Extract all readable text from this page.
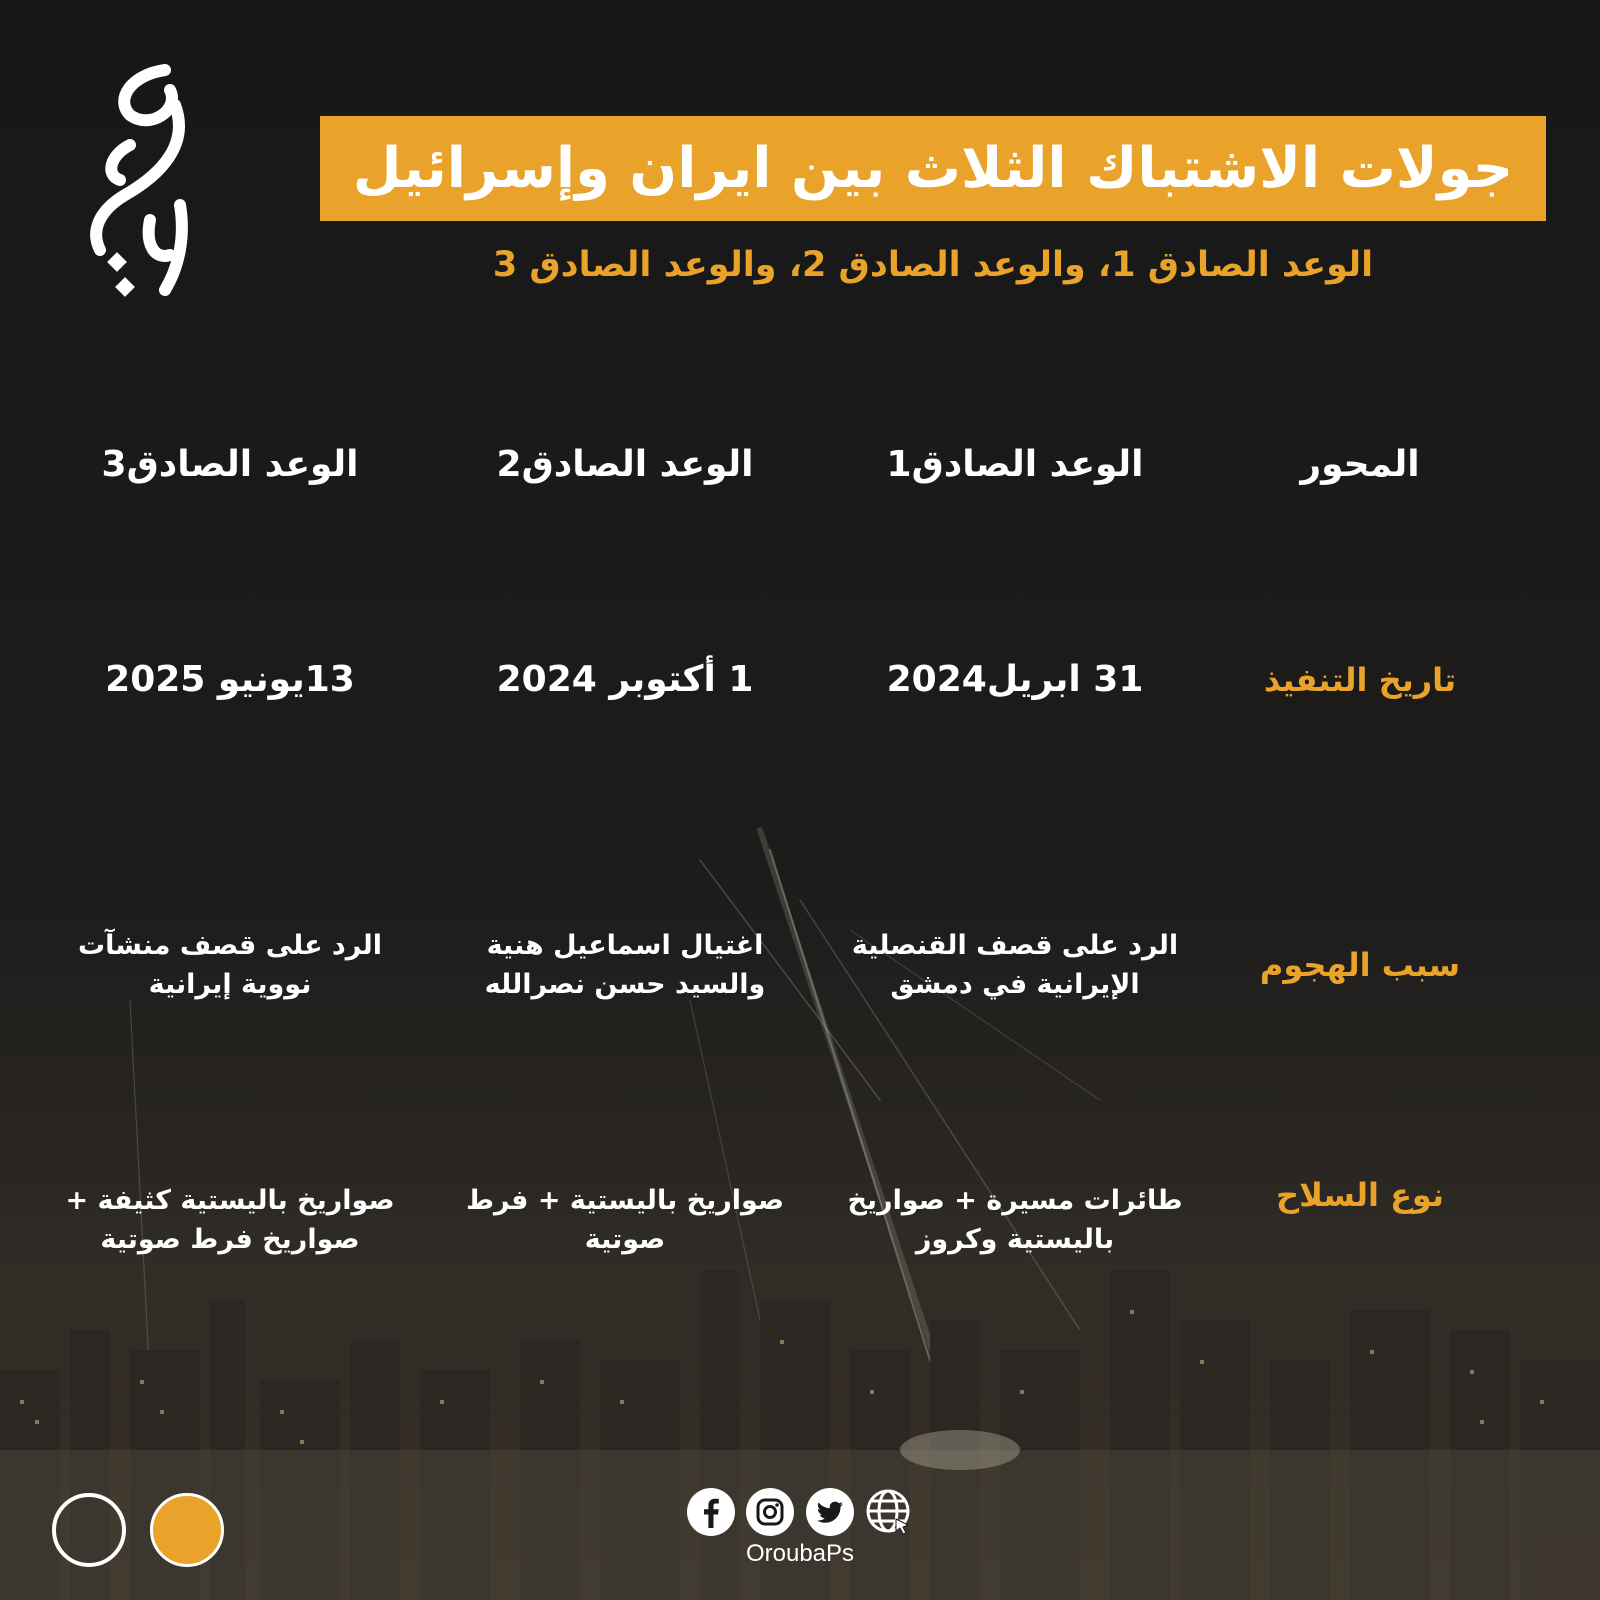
جولات الاشتباك الثلاث بين ايران وإسرائيل
الوعد الصادق 1، والوعد الصادق 2، والوعد الصادق 3
المحور
الوعد الصادق1
الوعد الصادق2
الوعد الصادق3
تاريخ التنفيذ
31 ابريل2024
1 أكتوبر 2024
13يونيو 2025
سبب الهجوم
الرد على قصف القنصلية الإيرانية في دمشق
اغتيال اسماعيل هنية والسيد حسن نصرالله
الرد على قصف منشآت نووية إيرانية
نوع السلاح
طائرات مسيرة + صواريخ باليستية وكروز
صواريخ باليستية + فرط صوتية
صواريخ باليستية كثيفة + صواريخ فرط صوتية
OroubaPs
